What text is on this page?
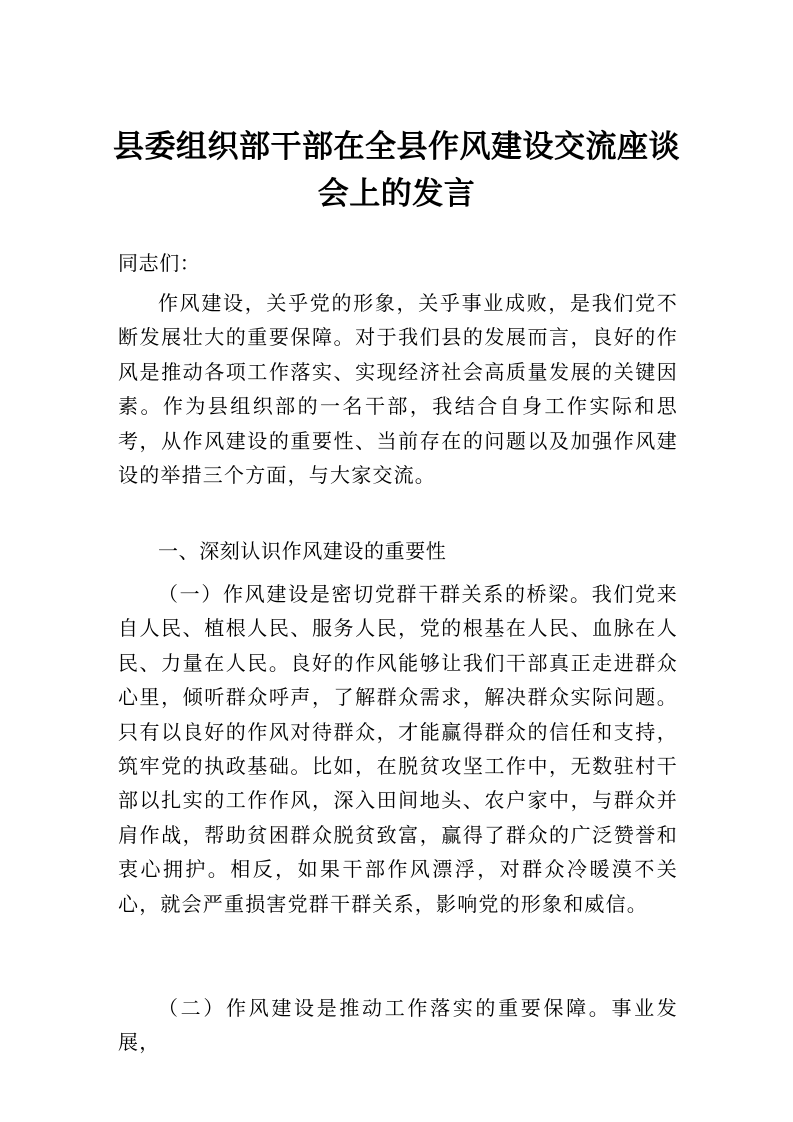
县委组织部干部在全县作风建设交流座谈
会上的发言

同志们：

作风建设，关乎党的形象，关乎事业成败，是我们党不断发展壮大的重要保障。对于我们县的发展而言，良好的作风是推动各项工作落实、实现经济社会高质量发展的关键因素。作为县组织部的一名干部，我结合自身工作实际和思考，从作风建设的重要性、当前存在的问题以及加强作风建设的举措三个方面，与大家交流。

一、深刻认识作风建设的重要性

（一）作风建设是密切党群干群关系的桥梁。我们党来自人民、植根人民、服务人民，党的根基在人民、血脉在人民、力量在人民。良好的作风能够让我们干部真正走进群众心里，倾听群众呼声，了解群众需求，解决群众实际问题。只有以良好的作风对待群众，才能赢得群众的信任和支持，筑牢党的执政基础。比如，在脱贫攻坚工作中，无数驻村干部以扎实的工作作风，深入田间地头、农户家中，与群众并肩作战，帮助贫困群众脱贫致富，赢得了群众的广泛赞誉和衷心拥护。相反，如果干部作风漂浮，对群众冷暖漠不关心，就会严重损害党群干群关系，影响党的形象和威信。

（二）作风建设是推动工作落实的重要保障。事业发展，
